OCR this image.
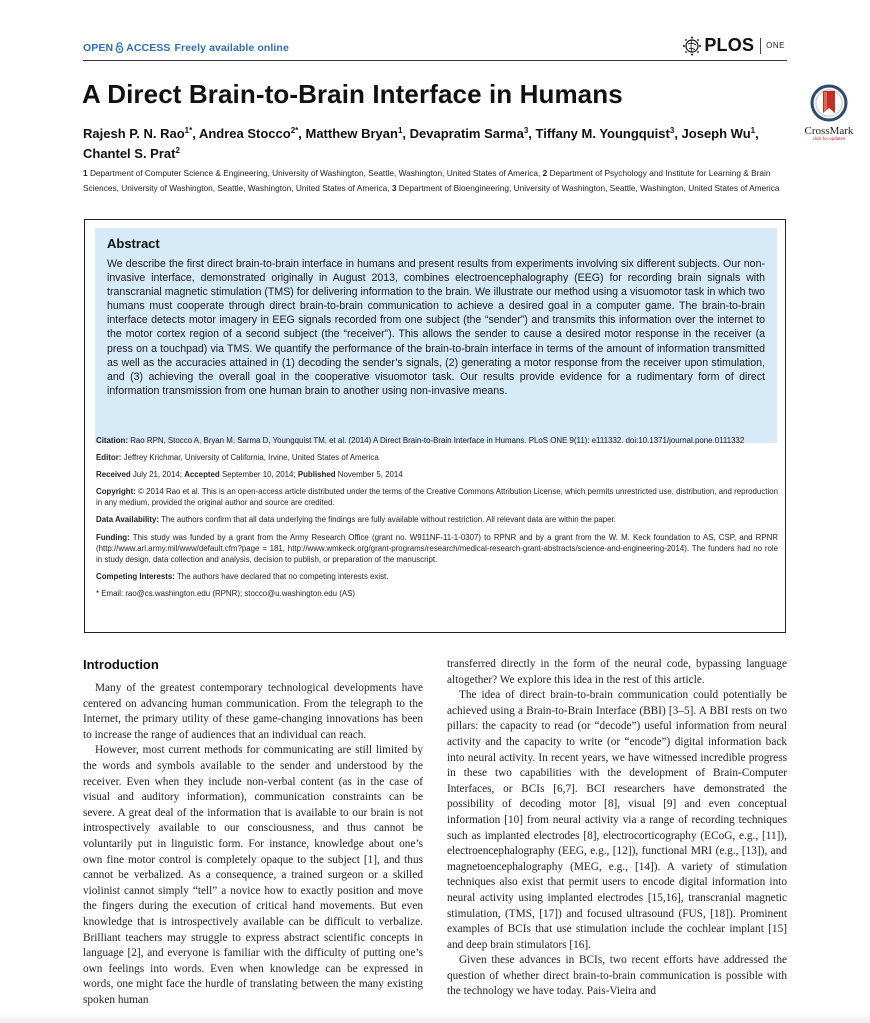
OPEN ACCESS Freely available online	PLOS ONE
A Direct Brain-to-Brain Interface in Humans
CrossMark
click for updates
Rajesh P. N. Rao$^{1*}$, Andrea Stocco$^{2*}$, Matthew Bryan$^1$, Devapratim Sarma$^3$, Tiffany M. Youngquist$^3$, Joseph Wu$^1$, Chantel S. Prat$^2$
1 Department of Computer Science & Engineering, University of Washington, Seattle, Washington, United States of America, 2 Department of Psychology and Institute for Learning & Brain Sciences, University of Washington, Seattle, Washington, United States of America, 3 Department of Bioengineering, University of Washington, Seattle, Washington, United States of America
Abstract

We describe the first direct brain-to-brain interface in humans and present results from experiments involving six different subjects. Our non-invasive interface, demonstrated originally in August 2013, combines electroencephalography (EEG) for recording brain signals with transcranial magnetic stimulation (TMS) for delivering information to the brain. We illustrate our method using a visuomotor task in which two humans must cooperate through direct brain-to-brain communication to achieve a desired goal in a computer game. The brain-to-brain interface detects motor imagery in EEG signals recorded from one subject (the “sender”) and transmits this information over the internet to the motor cortex region of a second subject (the “receiver”). This allows the sender to cause a desired motor response in the receiver (a press on a touchpad) via TMS. We quantify the performance of the brain-to-brain interface in terms of the amount of information transmitted as well as the accuracies attained in (1) decoding the sender’s signals, (2) generating a motor response from the receiver upon stimulation, and (3) achieving the overall goal in the cooperative visuomotor task. Our results provide evidence for a rudimentary form of direct information transmission from one human brain to another using non-invasive means.

Citation: Rao RPN, Stocco A, Bryan M, Sarma D, Youngquist TM, et al. (2014) A Direct Brain-to-Brain Interface in Humans. PLoS ONE 9(11): e111332. doi:10.1371/journal.pone.0111332
Editor: Jeffrey Krichmar, University of California, Irvine, United States of America
Received July 21, 2014; Accepted September 10, 2014; Published November 5, 2014
Copyright: © 2014 Rao et al. This is an open-access article distributed under the terms of the Creative Commons Attribution License, which permits unrestricted use, distribution, and reproduction in any medium, provided the original author and source are credited.
Data Availability: The authors confirm that all data underlying the findings are fully available without restriction. All relevant data are within the paper.
Funding: This study was funded by a grant from the Army Research Office (grant no. W911NF-11-1-0307) to RPNR and by a grant from the W. M. Keck foundation to AS, CSP, and RPNR (http://www.arl.army.mil/www/default.cfm?page = 181, http://www.wmkeck.org/grant-programs/research/medical-research-grant-abstracts/science-and-engineering-2014). The funders had no role in study design, data collection and analysis, decision to publish, or preparation of the manuscript.
Competing Interests: The authors have declared that no competing interests exist.
* Email: rao@cs.washington.edu (RPNR); stocco@u.washington.edu (AS)
Introduction

Many of the greatest contemporary technological developments have centered on advancing human communication. From the telegraph to the Internet, the primary utility of these game-changing innovations has been to increase the range of audiences that an individual can reach.

However, most current methods for communicating are still limited by the words and symbols available to the sender and understood by the receiver. Even when they include non-verbal content (as in the case of visual and auditory information), communication constraints can be severe. A great deal of the information that is available to our brain is not introspectively available to our consciousness, and thus cannot be voluntarily put in linguistic form. For instance, knowledge about one’s own fine motor control is completely opaque to the subject [1], and thus cannot be verbalized. As a consequence, a trained surgeon or a skilled violinist cannot simply “tell” a novice how to exactly position and move the fingers during the execution of critical hand movements. But even knowledge that is introspectively available can be difficult to verbalize. Brilliant teachers may struggle to express abstract scientific concepts in language [2], and everyone is familiar with the difficulty of putting one’s own feelings into words. Even when knowledge can be expressed in words, one might face the hurdle of translating between the many existing spoken human

transferred directly in the form of the neural code, bypassing language altogether? We explore this idea in the rest of this article.

The idea of direct brain-to-brain communication could potentially be achieved using a Brain-to-Brain Interface (BBI) [3–5]. A BBI rests on two pillars: the capacity to read (or “decode”) useful information from neural activity and the capacity to write (or “encode”) digital information back into neural activity. In recent years, we have witnessed incredible progress in these two capabilities with the development of Brain-Computer Interfaces, or BCIs [6,7]. BCI researchers have demonstrated the possibility of decoding motor [8], visual [9] and even conceptual information [10] from neural activity via a range of recording techniques such as implanted electrodes [8], electrocorticography (ECoG, e.g., [11]), electroencephalography (EEG, e.g., [12]), functional MRI (e.g., [13]), and magnetoencephalography (MEG, e.g., [14]). A variety of stimulation techniques also exist that permit users to encode digital information into neural activity using implanted electrodes [15,16], transcranial magnetic stimulation, (TMS, [17]) and focused ultrasound (FUS, [18]). Prominent examples of BCIs that use stimulation include the cochlear implant [15] and deep brain stimulators [16].

Given these advances in BCIs, two recent efforts have addressed the question of whether direct brain-to-brain communication is possible with the technology we have today. Pais-Vieira and
